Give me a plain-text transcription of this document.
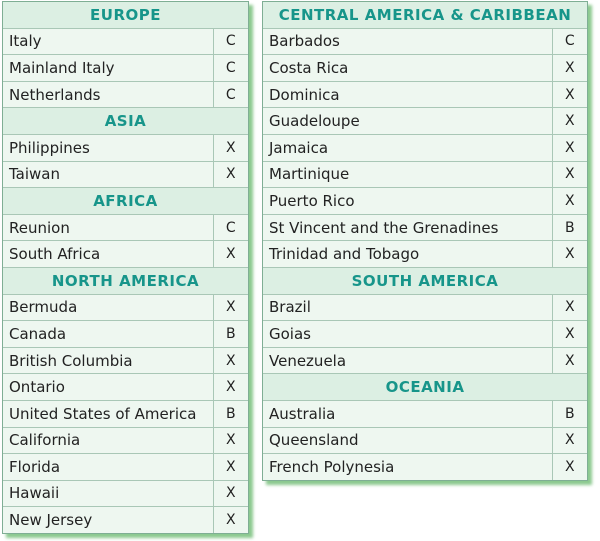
EUROPE	
Italy	C
Mainland Italy	C
Netherlands	C
ASIA	
Philippines	X
Taiwan	X
AFRICA	
Reunion	C
South Africa	X
NORTH AMERICA	
Bermuda	X
Canada	B
British Columbia	X
Ontario	X
United States of America	B
California	X
Florida	X
Hawaii	X
New Jersey	X
CENTRAL AMERICA & CARIBBEAN	
Barbados	C
Costa Rica	X
Dominica	X
Guadeloupe	X
Jamaica	X
Martinique	X
Puerto Rico	X
St Vincent and the Grenadines	B
Trinidad and Tobago	X
SOUTH AMERICA	
Brazil	X
Goias	X
Venezuela	X
OCEANIA	
Australia	B
Queensland	X
French Polynesia	X
